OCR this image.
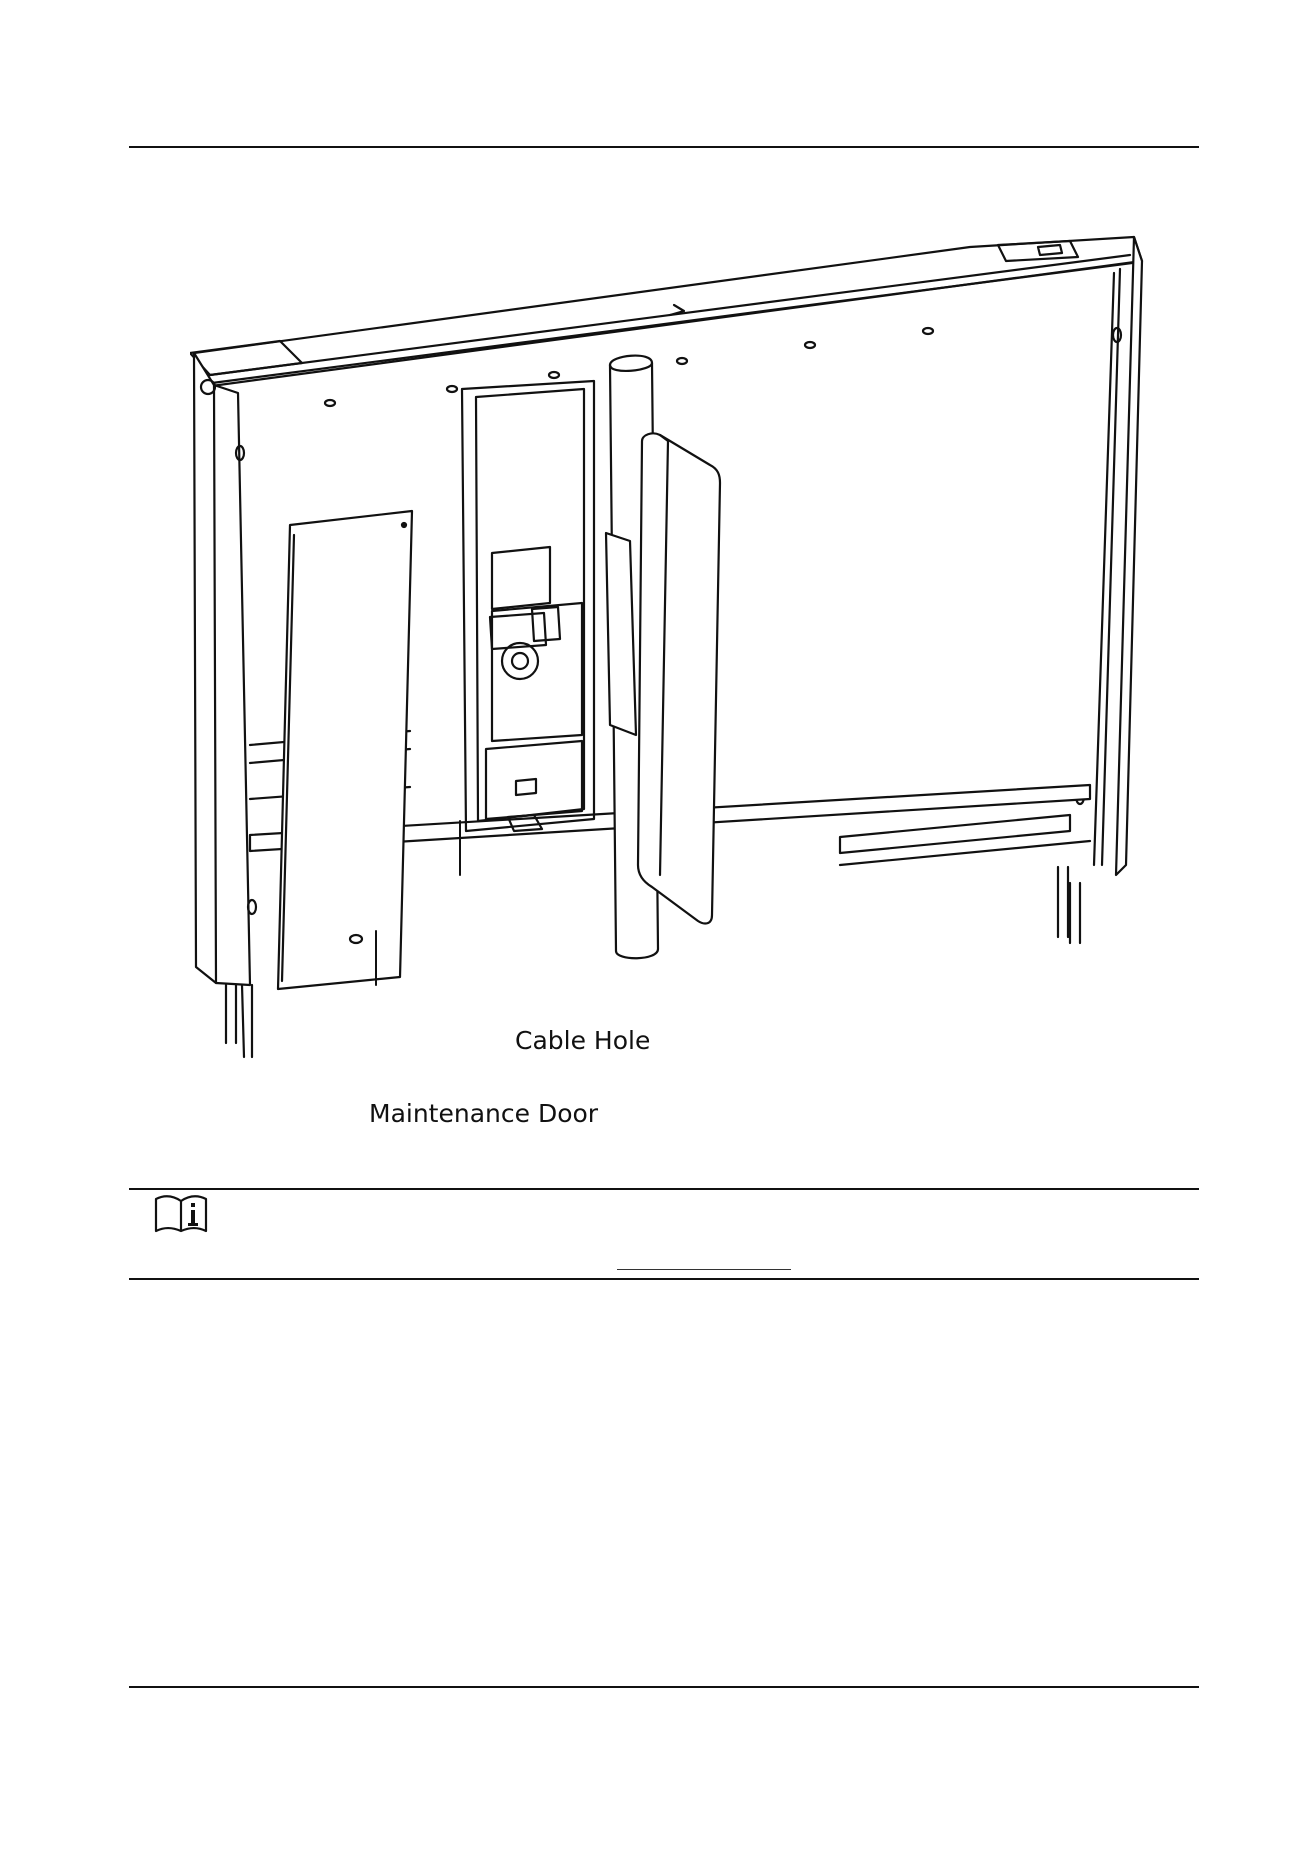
Cable Hole
Maintenance Door
